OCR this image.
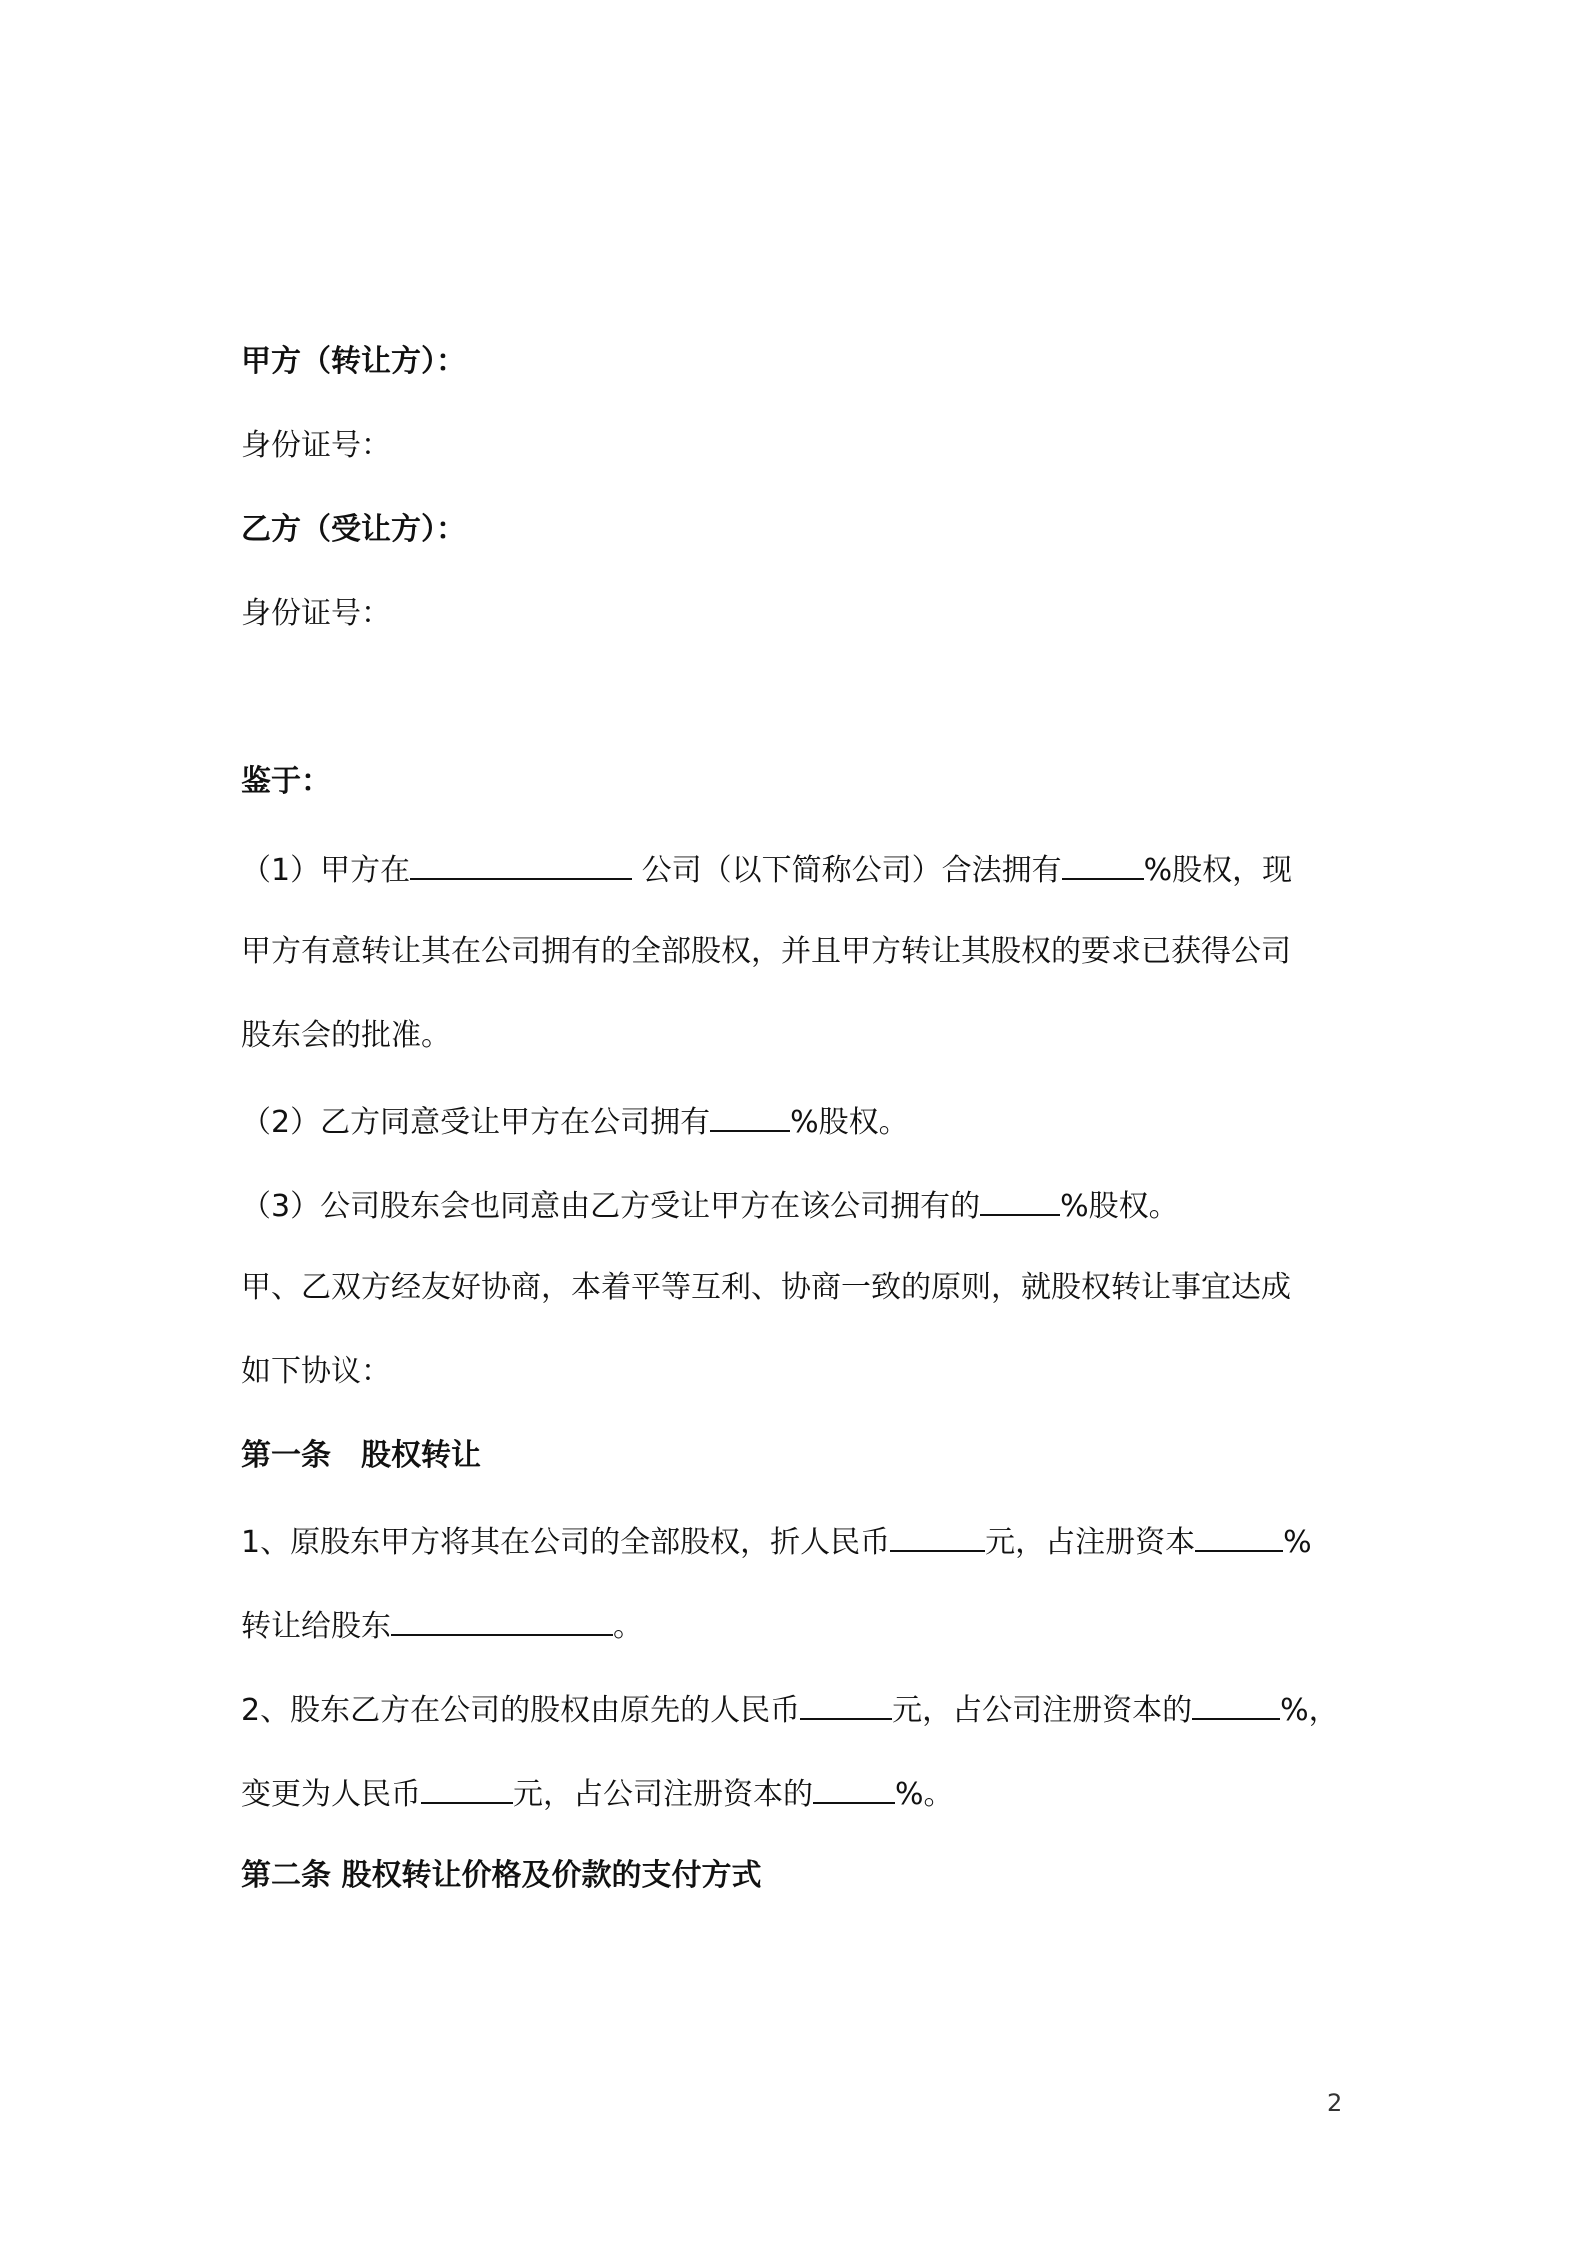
甲方（转让方）：
身份证号：
乙方（受让方）：
身份证号：
鉴于：
（1）甲方在	公司（以下简称公司）合法拥有	%股权，现
甲方有意转让其在公司拥有的全部股权，并且甲方转让其股权的要求已获得公司
股东会的批准。
（2）乙方同意受让甲方在公司拥有	%股权。
（3）公司股东会也同意由乙方受让甲方在该公司拥有的	%股权。
甲、乙双方经友好协商，本着平等互利、协商一致的原则，就股权转让事宜达成
如下协议：
第一条　股权转让
1、原股东甲方将其在公司的全部股权，折人民币	元，占注册资本	%
转让给股东	。
2、股东乙方在公司的股权由原先的人民币	元，占公司注册资本的	%，
变更为人民币	元，占公司注册资本的	%。
第二条 股权转让价格及价款的支付方式
2
